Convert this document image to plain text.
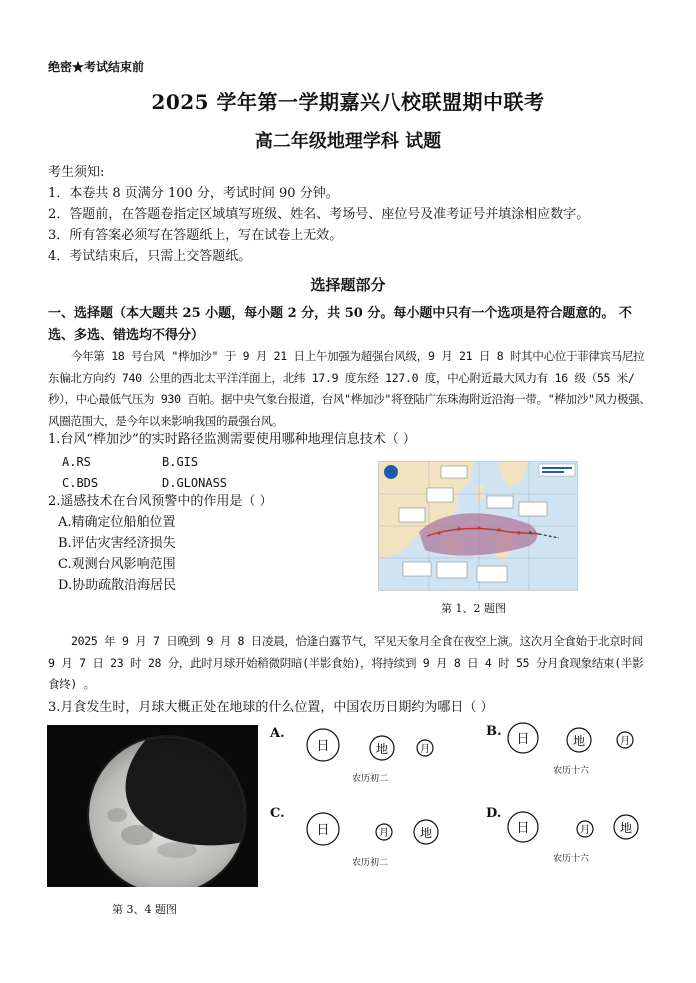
绝密★考试结束前
2025 学年第一学期嘉兴八校联盟期中联考
高二年级地理学科 试题
考生须知:
1．本卷共 8 页满分 100 分，考试时间 90 分钟。
2．答题前，在答题卷指定区域填写班级、姓名、考场号、座位号及准考证号并填涂相应数字。
3．所有答案必须写在答题纸上，写在试卷上无效。
4．考试结束后，只需上交答题纸。
选择题部分
一、选择题（本大题共 25 小题，每小题 2 分，共 50 分。每小题中只有一个选项是符合题意的。 不选、多选、错选均不得分）
今年第 18 号台风 "桦加沙" 于 9 月 21 日上午加强为超强台风级，9 月 21 日 8 时其中心位于菲律宾马尼拉东偏北方向约 740 公里的西北太平洋洋面上，北纬 17.9 度东经 127.0 度，中心附近最大风力有 16 级（55 米/秒），中心最低气压为 930 百帕。据中央气象台报道，台风"桦加沙"将登陆广东珠海附近沿海一带。"桦加沙"风力极强、风圈范围大，是今年以来影响我国的最强台风。
1.台风“桦加沙”的实时路径监测需要使用哪种地理信息技术（ ）
A.RS	B.GIS
C.BDS	D.GLONASS
2.遥感技术在台风预警中的作用是（ ）
A.精确定位船舶位置
B.评估灾害经济损失
C.观测台风影响范围
D.协助疏散沿海居民
第 1、2 题图
2025 年 9 月 7 日晚到 9 月 8 日凌晨，恰逢白露节气，罕见天象月全食在夜空上演。这次月全食始于北京时间 9 月 7 日 23 时 28 分，此时月球开始稍微阴暗(半影食始)，将持续到 9 月 8 日 4 时 55 分月食现象结束(半影食终) 。
3.月食发生时，月球大概正处在地球的什么位置，中国农历日期约为哪日（ ）
第 3、4 题图
A.
日	地	月
农历初二
B.
日	地	月
农历十六
C.
日	月	地
农历初二
D.
日	月 地
农历十六
